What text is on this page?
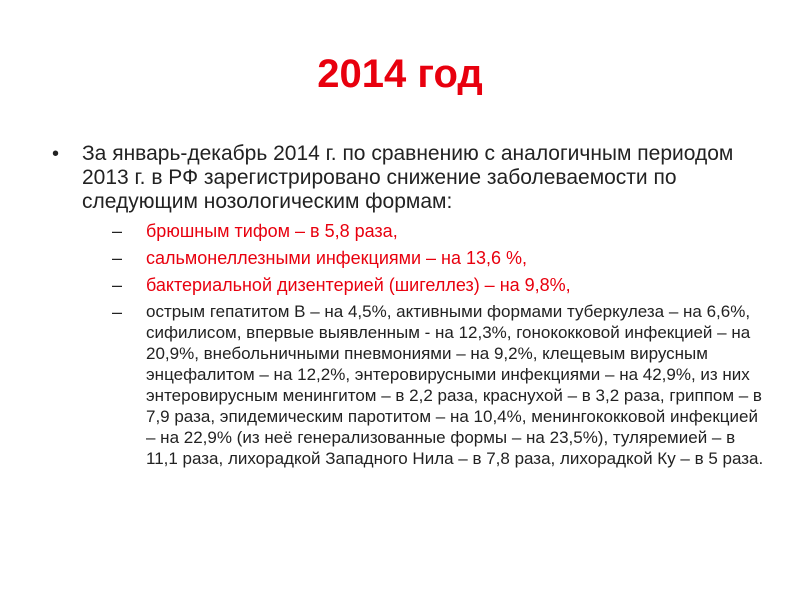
2014 год
•	За январь-декабрь 2014 г. по сравнению с аналогичным периодом 2013 г. в РФ зарегистрировано снижение заболеваемости по следующим нозологическим формам:
–	брюшным тифом – в 5,8 раза,
–	сальмонеллезными инфекциями – на 13,6 %,
–	бактериальной дизентерией (шигеллез) – на 9,8%,
–	острым гепатитом В – на 4,5%, активными формами туберкулеза – на 6,6%, сифилисом, впервые выявленным - на 12,3%, гонококковой инфекцией – на 20,9%, внебольничными пневмониями – на 9,2%, клещевым вирусным энцефалитом – на 12,2%, энтеровирусными инфекциями – на 42,9%, из них энтеровирусным менингитом – в 2,2 раза, краснухой – в 3,2 раза, гриппом – в 7,9 раза, эпидемическим паротитом – на 10,4%, менингококковой инфекцией – на 22,9% (из неё генерализованные формы – на 23,5%), туляремией – в 11,1 раза, лихорадкой Западного Нила – в 7,8 раза, лихорадкой Ку – в 5 раза.
